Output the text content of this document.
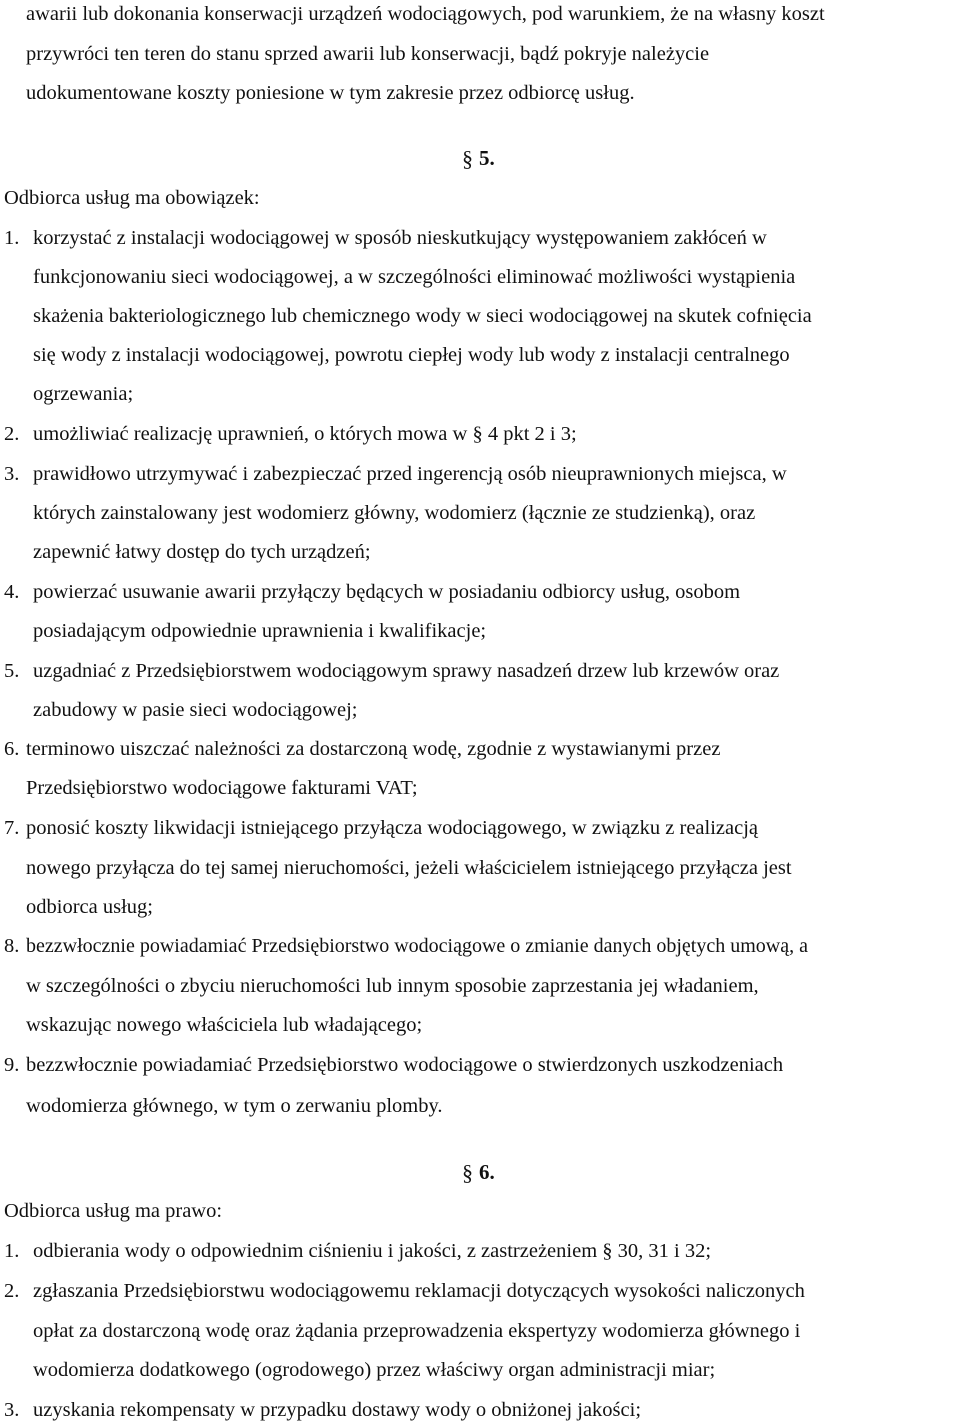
awarii lub dokonania konserwacji urządzeń wodociągowych, pod warunkiem, że na własny koszt
przywróci ten teren do stanu sprzed awarii lub konserwacji, bądź pokryje należycie
udokumentowane koszty poniesione w tym zakresie przez odbiorcę usług.
§ 5.
Odbiorca usług ma obowiązek:
1. korzystać z instalacji wodociągowej w sposób nieskutkujący występowaniem zakłóceń w
funkcjonowaniu sieci wodociągowej, a w szczególności eliminować możliwości wystąpienia
skażenia bakteriologicznego lub chemicznego wody w sieci wodociągowej na skutek cofnięcia
się wody z instalacji wodociągowej, powrotu ciepłej wody lub wody z instalacji centralnego
ogrzewania;
2. umożliwiać realizację uprawnień, o których mowa w § 4 pkt 2 i 3;
3. prawidłowo utrzymywać i zabezpieczać przed ingerencją osób nieuprawnionych miejsca, w
których zainstalowany jest wodomierz główny, wodomierz (łącznie ze studzienką), oraz
zapewnić łatwy dostęp do tych urządzeń;
4. powierzać usuwanie awarii przyłączy będących w posiadaniu odbiorcy usług, osobom
posiadającym odpowiednie uprawnienia i kwalifikacje;
5. uzgadniać z Przedsiębiorstwem wodociągowym sprawy nasadzeń drzew lub krzewów oraz
zabudowy w pasie sieci wodociągowej;
6. terminowo uiszczać należności za dostarczoną wodę, zgodnie z wystawianymi przez
Przedsiębiorstwo wodociągowe fakturami VAT;
7. ponosić koszty likwidacji istniejącego przyłącza wodociągowego, w związku z realizacją
nowego przyłącza do tej samej nieruchomości, jeżeli właścicielem istniejącego przyłącza jest
odbiorca usług;
8. bezzwłocznie powiadamiać Przedsiębiorstwo wodociągowe o zmianie danych objętych umową, a
w szczególności o zbyciu nieruchomości lub innym sposobie zaprzestania jej władaniem,
wskazując nowego właściciela lub władającego;
9. bezzwłocznie powiadamiać Przedsiębiorstwo wodociągowe o stwierdzonych uszkodzeniach
wodomierza głównego, w tym o zerwaniu plomby.
§ 6.
Odbiorca usług ma prawo:
1. odbierania wody o odpowiednim ciśnieniu i jakości, z zastrzeżeniem § 30, 31 i 32;
2. zgłaszania Przedsiębiorstwu wodociągowemu reklamacji dotyczących wysokości naliczonych
opłat za dostarczoną wodę oraz żądania przeprowadzenia ekspertyzy wodomierza głównego i
wodomierza dodatkowego (ogrodowego) przez właściwy organ administracji miar;
3. uzyskania rekompensaty w przypadku dostawy wody o obniżonej jakości;
